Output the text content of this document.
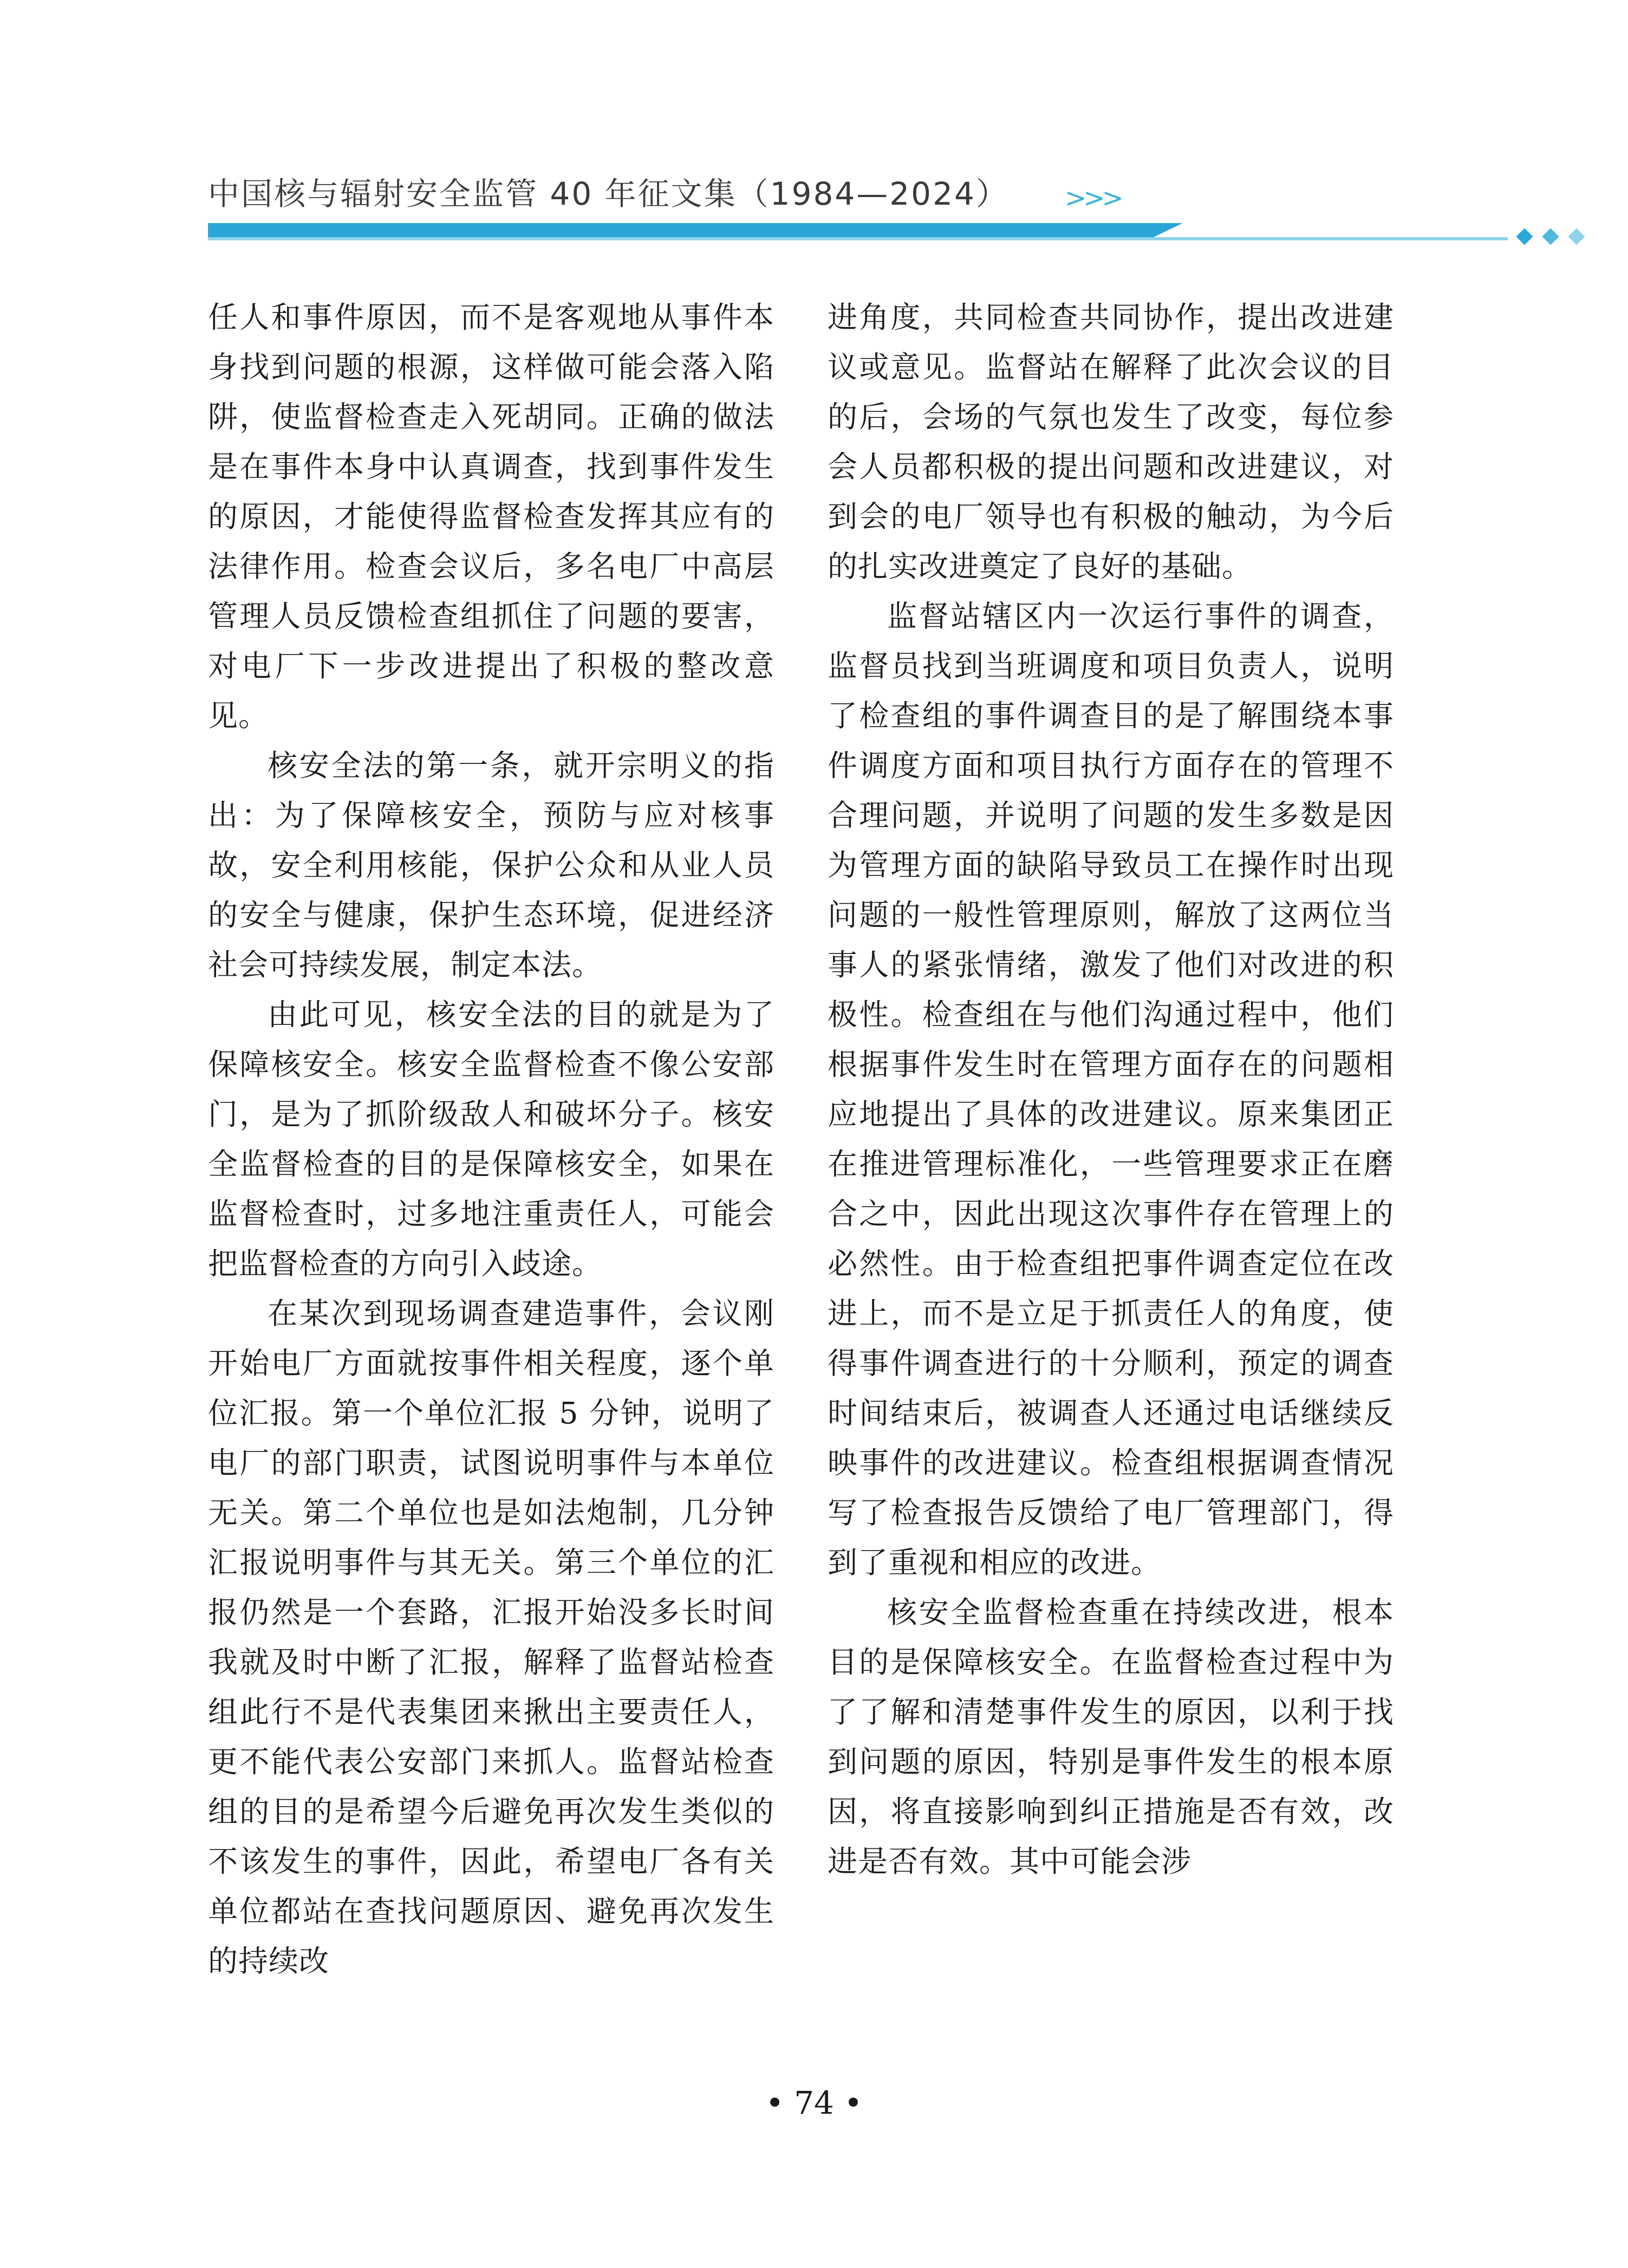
中国核与辐射安全监管 40 年征文集（1984—2024） >>>

任人和事件原因，而不是客观地从事件本身找到问题的根源，这样做可能会落入陷阱，使监督检查走入死胡同。正确的做法是在事件本身中认真调查，找到事件发生的原因，才能使得监督检查发挥其应有的法律作用。检查会议后，多名电厂中高层管理人员反馈检查组抓住了问题的要害，对电厂下一步改进提出了积极的整改意见。

核安全法的第一条，就开宗明义的指出：为了保障核安全，预防与应对核事故，安全利用核能，保护公众和从业人员的安全与健康，保护生态环境，促进经济社会可持续发展，制定本法。

由此可见，核安全法的目的就是为了保障核安全。核安全监督检查不像公安部门，是为了抓阶级敌人和破坏分子。核安全监督检查的目的是保障核安全，如果在监督检查时，过多地注重责任人，可能会把监督检查的方向引入歧途。

在某次到现场调查建造事件，会议刚开始电厂方面就按事件相关程度，逐个单位汇报。第一个单位汇报 5 分钟，说明了电厂的部门职责，试图说明事件与本单位无关。第二个单位也是如法炮制，几分钟汇报说明事件与其无关。第三个单位的汇报仍然是一个套路，汇报开始没多长时间我就及时中断了汇报，解释了监督站检查组此行不是代表集团来揪出主要责任人，更不能代表公安部门来抓人。监督站检查组的目的是希望今后避免再次发生类似的不该发生的事件，因此，希望电厂各有关单位都站在查找问题原因、避免再次发生的持续改

进角度，共同检查共同协作，提出改进建议或意见。监督站在解释了此次会议的目的后，会场的气氛也发生了改变，每位参会人员都积极的提出问题和改进建议，对到会的电厂领导也有积极的触动，为今后的扎实改进奠定了良好的基础。

监督站辖区内一次运行事件的调查，监督员找到当班调度和项目负责人，说明了检查组的事件调查目的是了解围绕本事件调度方面和项目执行方面存在的管理不合理问题，并说明了问题的发生多数是因为管理方面的缺陷导致员工在操作时出现问题的一般性管理原则，解放了这两位当事人的紧张情绪，激发了他们对改进的积极性。检查组在与他们沟通过程中，他们根据事件发生时在管理方面存在的问题相应地提出了具体的改进建议。原来集团正在推进管理标准化，一些管理要求正在磨合之中，因此出现这次事件存在管理上的必然性。由于检查组把事件调查定位在改进上，而不是立足于抓责任人的角度，使得事件调查进行的十分顺利，预定的调查时间结束后，被调查人还通过电话继续反映事件的改进建议。检查组根据调查情况写了检查报告反馈给了电厂管理部门，得到了重视和相应的改进。

核安全监督检查重在持续改进，根本目的是保障核安全。在监督检查过程中为了了解和清楚事件发生的原因，以利于找到问题的原因，特别是事件发生的根本原因，将直接影响到纠正措施是否有效，改进是否有效。其中可能会涉

• 74 •
